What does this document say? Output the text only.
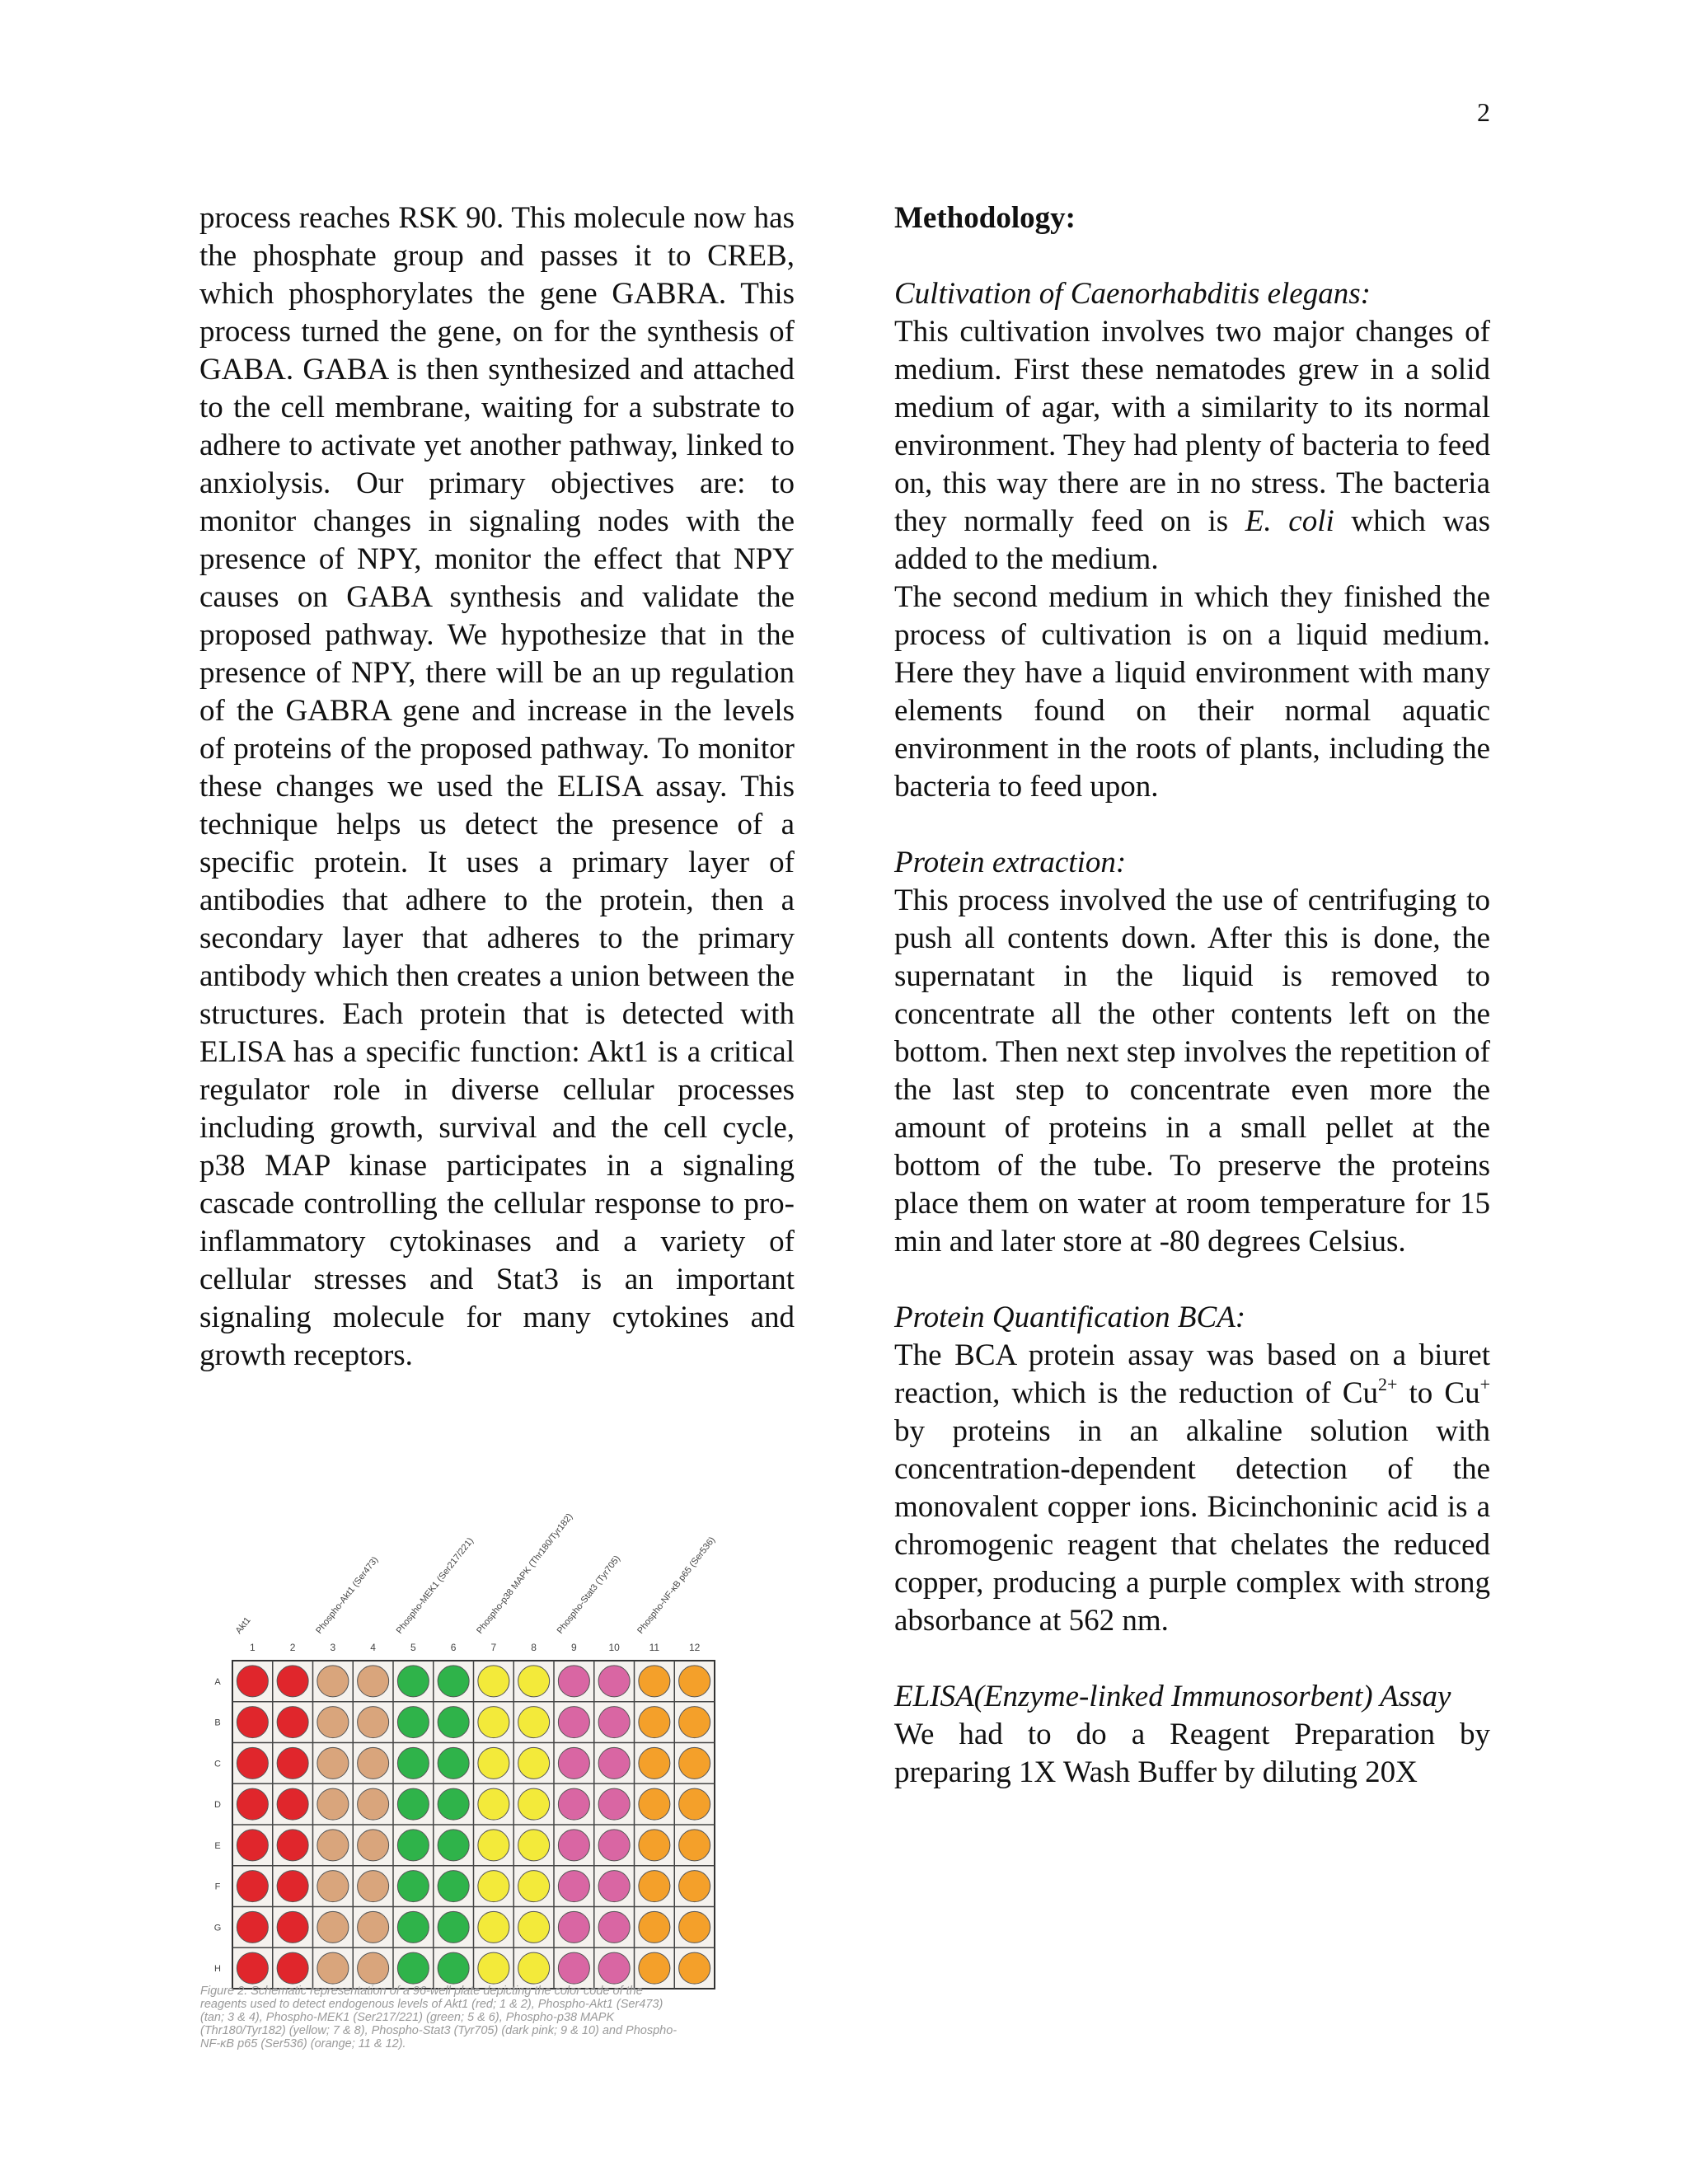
2

process reaches RSK 90. This molecule now has the phosphate group and passes it to CREB, which phosphorylates the gene GABRA. This process turned the gene, on for the synthesis of GABA. GABA is then synthesized and attached to the cell membrane, waiting for a substrate to adhere to activate yet another pathway, linked to anxiolysis. Our primary objectives are: to monitor changes in signaling nodes with the presence of NPY, monitor the effect that NPY causes on GABA synthesis and validate the proposed pathway. We hypothesize that in the presence of NPY, there will be an up regulation of the GABRA gene and increase in the levels of proteins of the proposed pathway. To monitor these changes we used the ELISA assay. This technique helps us detect the presence of a specific protein. It uses a primary layer of antibodies that adhere to the protein, then a secondary layer that adheres to the primary antibody which then creates a union between the structures. Each protein that is detected with ELISA has a specific function: Akt1 is a critical regulator role in diverse cellular processes including growth, survival and the cell cycle, p38 MAP kinase participates in a signaling cascade controlling the cellular response to pro-inflammatory cytokinases and a variety of cellular stresses and Stat3 is an important signaling molecule for many cytokines and growth receptors.

Akt1	Phospho-Akt1 (Ser473) Phospho-MEK1 (Ser217/221) Phospho-p38 MAPK (Thr180/Tyr182)
Phospho-Stat3 (Tyr705) Phospho-NF-κB p65 (Ser536)
1	2	3	4	5	6	7	8	9	10	11	12
A
B
C
D
E
F
G
H
Figure 2. Schematic representation of a 96-well plate depicting the color code of the reagents used to detect endogenous levels of Akt1 (red; 1 & 2), Phospho-Akt1 (Ser473) (tan; 3 & 4), Phospho-MEK1 (Ser217/221) (green; 5 & 6), Phospho-p38 MAPK (Thr180/Tyr182) (yellow; 7 & 8), Phospho-Stat3 (Tyr705) (dark pink; 9 & 10) and Phospho-NF-κB p65 (Ser536) (orange; 11 & 12).

Methodology:

Cultivation of Caenorhabditis elegans:

This cultivation involves two major changes of medium. First these nematodes grew in a solid medium of agar, with a similarity to its normal environment. They had plenty of bacteria to feed on, this way there are in no stress. The bacteria they normally feed on is E. coli which was added to the medium.

The second medium in which they finished the process of cultivation is on a liquid medium. Here they have a liquid environment with many elements found on their normal aquatic environment in the roots of plants, including the bacteria to feed upon.

Protein extraction:

This process involved the use of centrifuging to push all contents down. After this is done, the supernatant in the liquid is removed to concentrate all the other contents left on the bottom. Then next step involves the repetition of the last step to concentrate even more the amount of proteins in a small pellet at the bottom of the tube. To preserve the proteins place them on water at room temperature for 15 min and later store at -80 degrees Celsius.

Protein Quantification BCA:

The BCA protein assay was based on a biuret reaction, which is the reduction of $Cu^{2+}$ to Cu+ by proteins in an alkaline solution with concentration-dependent detection of the monovalent copper ions. Bicinchoninic acid is a chromogenic reagent that chelates the reduced copper, producing a purple complex with strong absorbance at 562 nm.

ELISA(Enzyme-linked Immunosorbent) Assay

We had to do a Reagent Preparation by preparing 1X Wash Buffer by diluting 20X
